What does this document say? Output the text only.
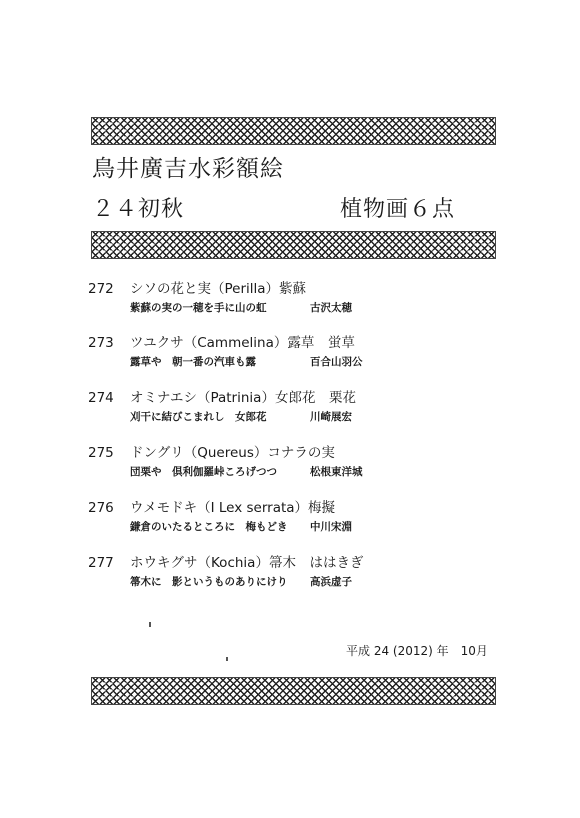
鳥井廣吉水彩額絵
２４初秋	植物画６点
272 シソの花と実（Perilla）紫蘇
紫蘇の実の一穂を手に山の虹	古沢太穂
273 ツユクサ（Cammelina）露草　蛍草
露草や　朝一番の汽車も露	百合山羽公
274 オミナエシ（Patrinia）女郎花　栗花
刈干に結びこまれし　女郎花	川崎展宏
275 ドングリ（Quereus）コナラの実
団栗や　倶利伽羅峠ころげつつ	松根東洋城
276 ウメモドキ（I Lex serrata）梅擬
鎌倉のいたるところに　梅もどき 中川宋淵
277 ホウキグサ（Kochia）箒木　ははきぎ
箒木に　影というものありにけり 高浜虚子
平成 24 (2012) 年　10月
